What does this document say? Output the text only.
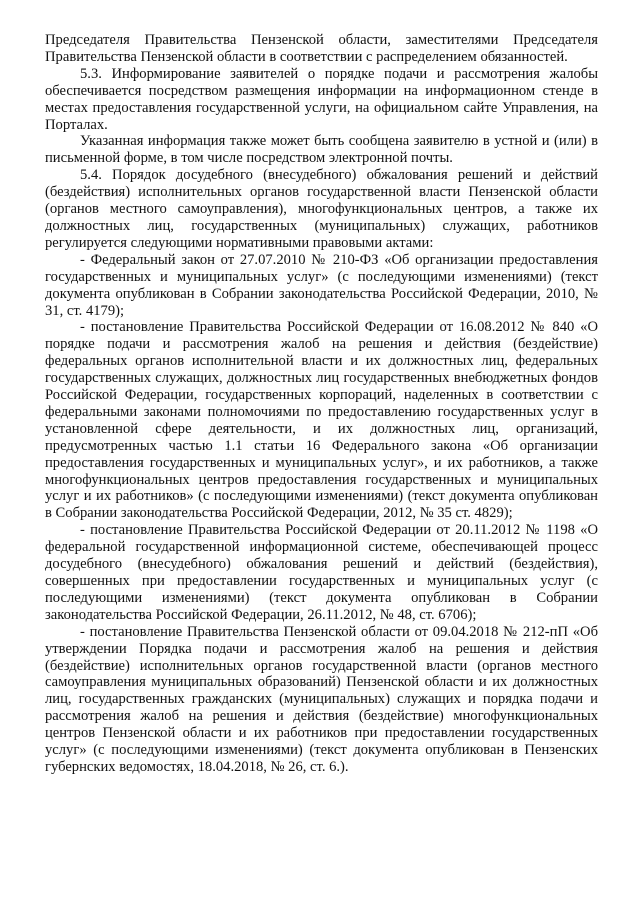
Председателя Правительства Пензенской области, заместителями Председателя Правительства Пензенской области в соответствии с распределением обязанностей.

5.3. Информирование заявителей о порядке подачи и рассмотрения жалобы обеспечивается посредством размещения информации на информационном стенде в местах предоставления государственной услуги, на официальном сайте Управления, на Порталах.

Указанная информация также может быть сообщена заявителю в устной и (или) в письменной форме, в том числе посредством электронной почты.

5.4. Порядок досудебного (внесудебного) обжалования решений и действий (бездействия) исполнительных органов государственной власти Пензенской области (органов местного самоуправления), многофункциональных центров, а также их должностных лиц, государственных (муниципальных) служащих, работников регулируется следующими нормативными правовыми актами:

- Федеральный закон от 27.07.2010 № 210-ФЗ «Об организации предоставления государственных и муниципальных услуг» (с последующими изменениями) (текст документа опубликован в Собрании законодательства Российской Федерации, 2010, № 31, ст. 4179);

- постановление Правительства Российской Федерации от 16.08.2012 № 840 «О порядке подачи и рассмотрения жалоб на решения и действия (бездействие) федеральных органов исполнительной власти и их должностных лиц, федеральных государственных служащих, должностных лиц государственных внебюджетных фондов Российской Федерации, государственных корпораций, наделенных в соответствии с федеральными законами полномочиями по предоставлению государственных услуг в установленной сфере деятельности, и их должностных лиц, организаций, предусмотренных частью 1.1 статьи 16 Федерального закона «Об организации предоставления государственных и муниципальных услуг», и их работников, а также многофункциональных центров предоставления государственных и муниципальных услуг и их работников» (с последующими изменениями) (текст документа опубликован в Собрании законодательства Российской Федерации, 2012, № 35 ст. 4829);

- постановление Правительства Российской Федерации от 20.11.2012 № 1198 «О федеральной государственной информационной системе, обеспечивающей процесс досудебного (внесудебного) обжалования решений и действий (бездействия), совершенных при предоставлении государственных и муниципальных услуг (с последующими изменениями) (текст документа опубликован в Собрании законодательства Российской Федерации, 26.11.2012, № 48, ст. 6706);

- постановление Правительства Пензенской области от 09.04.2018 № 212-пП «Об утверждении Порядка подачи и рассмотрения жалоб на решения и действия (бездействие) исполнительных органов государственной власти (органов местного самоуправления муниципальных образований) Пензенской области и их должностных лиц, государственных гражданских (муниципальных) служащих и порядка подачи и рассмотрения жалоб на решения и действия (бездействие) многофункциональных центров Пензенской области и их работников при предоставлении государственных услуг» (с последующими изменениями) (текст документа опубликован в Пензенских губернских ведомостях, 18.04.2018, № 26, ст. 6.).
